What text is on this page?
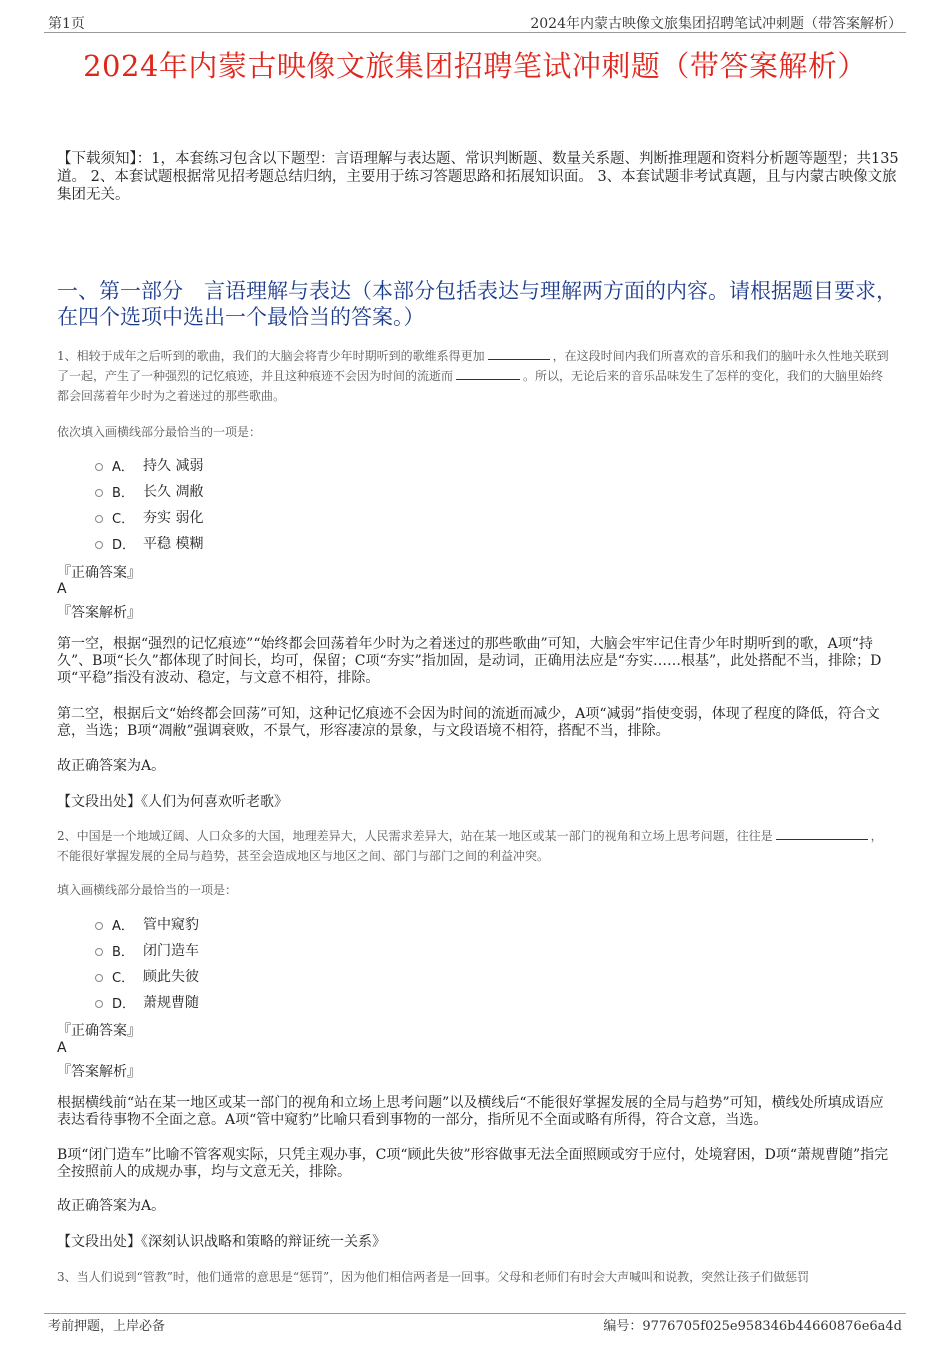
第1页	2024年内蒙古映像文旅集团招聘笔试冲刺题（带答案解析）
2024年内蒙古映像文旅集团招聘笔试冲刺题（带答案解析）
【下载须知】：1，本套练习包含以下题型：言语理解与表达题、常识判断题、数量关系题、判断推理题和资料分析题等题型；共135道。 2、本套试题根据常见招考题总结归纳，主要用于练习答题思路和拓展知识面。 3、本套试题非考试真题，且与内蒙古映像文旅集团无关。
一、第一部分　言语理解与表达（本部分包括表达与理解两方面的内容。请根据题目要求，在四个选项中选出一个最恰当的答案。）
1、相较于成年之后听到的歌曲，我们的大脑会将青少年时期听到的歌维系得更加	，在这段时间内我们所喜欢的音乐和我们的脑叶永久性地关联到了一起，产生了一种强烈的记忆痕迹，并且这种痕迹不会因为时间的流逝而	。所以，无论后来的音乐品味发生了怎样的变化，我们的大脑里始终都会回荡着年少时为之着迷过的那些歌曲。
依次填入画横线部分最恰当的一项是：
A． 持久 减弱
B． 长久 凋敝
C． 夯实 弱化
D． 平稳 模糊
『正确答案』
A
『答案解析』
第一空，根据“强烈的记忆痕迹”“始终都会回荡着年少时为之着迷过的那些歌曲”可知，大脑会牢牢记住青少年时期听到的歌，A项“持久”、B项“长久”都体现了时间长，均可，保留；C项“夯实”指加固，是动词，正确用法应是“夯实……根基”，此处搭配不当，排除；D项“平稳”指没有波动、稳定，与文意不相符，排除。
第二空，根据后文“始终都会回荡”可知，这种记忆痕迹不会因为时间的流逝而减少，A项“减弱”指使变弱，体现了程度的降低，符合文意，当选；B项“凋敝”强调衰败，不景气，形容凄凉的景象，与文段语境不相符，搭配不当，排除。
故正确答案为A。
【文段出处】《人们为何喜欢听老歌》
2、中国是一个地域辽阔、人口众多的大国，地理差异大，人民需求差异大，站在某一地区或某一部门的视角和立场上思考问题，往往是	，不能很好掌握发展的全局与趋势，甚至会造成地区与地区之间、部门与部门之间的利益冲突。
填入画横线部分最恰当的一项是：
A． 管中窥豹
B． 闭门造车
C． 顾此失彼
D． 萧规曹随
『正确答案』
A
『答案解析』
根据横线前“站在某一地区或某一部门的视角和立场上思考问题”以及横线后“不能很好掌握发展的全局与趋势”可知，横线处所填成语应表达看待事物不全面之意。A项“管中窥豹”比喻只看到事物的一部分，指所见不全面或略有所得，符合文意，当选。
B项“闭门造车”比喻不管客观实际，只凭主观办事，C项“顾此失彼”形容做事无法全面照顾或穷于应付，处境窘困，D项“萧规曹随”指完全按照前人的成规办事，均与文意无关，排除。
故正确答案为A。
【文段出处】《深刻认识战略和策略的辩证统一关系》
3、当人们说到“管教”时，他们通常的意思是“惩罚”，因为他们相信两者是一回事。父母和老师们有时会大声喊叫和说教，突然让孩子们做惩罚
考前押题，上岸必备	编号：9776705f025e958346b44660876e6a4d
